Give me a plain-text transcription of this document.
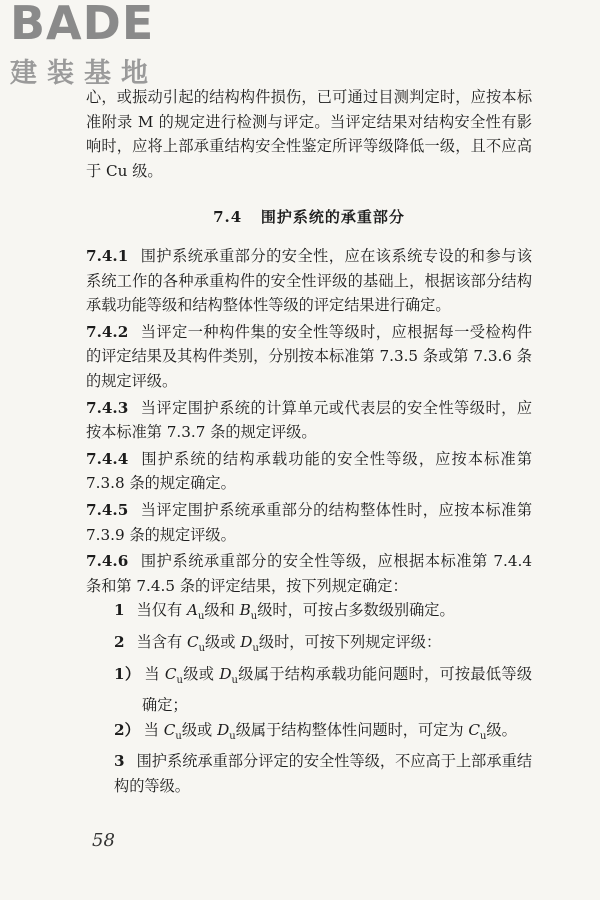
BADE
建装基地

心，或振动引起的结构构件损伤，已可通过目测判定时，应按本标准附录 M 的规定进行检测与评定。当评定结果对结构安全性有影响时，应将上部承重结构安全性鉴定所评等级降低一级，且不应高于 Cu 级。

7.4 围护系统的承重部分

7.4.1 围护系统承重部分的安全性，应在该系统专设的和参与该系统工作的各种承重构件的安全性评级的基础上，根据该部分结构承载功能等级和结构整体性等级的评定结果进行确定。

7.4.2 当评定一种构件集的安全性等级时，应根据每一受检构件的评定结果及其构件类别，分别按本标准第 7.3.5 条或第 7.3.6 条的规定评级。

7.4.3 当评定围护系统的计算单元或代表层的安全性等级时，应按本标准第 7.3.7 条的规定评级。

7.4.4 围护系统的结构承载功能的安全性等级，应按本标准第 7.3.8 条的规定确定。

7.4.5 当评定围护系统承重部分的结构整体性时，应按本标准第 7.3.9 条的规定评级。

7.4.6 围护系统承重部分的安全性等级，应根据本标准第 7.4.4 条和第 7.4.5 条的评定结果，按下列规定确定：

1 当仅有 $A_u$级和 $B_u$级时，可按占多数级别确定。

2 当含有 $C_u$级或 $D_u$级时，可按下列规定评级：

1） 当 $C_u$级或 $D_u$级属于结构承载功能问题时，可按最低等级确定；

2） 当 $C_u$级或 $D_u$级属于结构整体性问题时，可定为 $C_u$级。

3 围护系统承重部分评定的安全性等级，不应高于上部承重结构的等级。

58
